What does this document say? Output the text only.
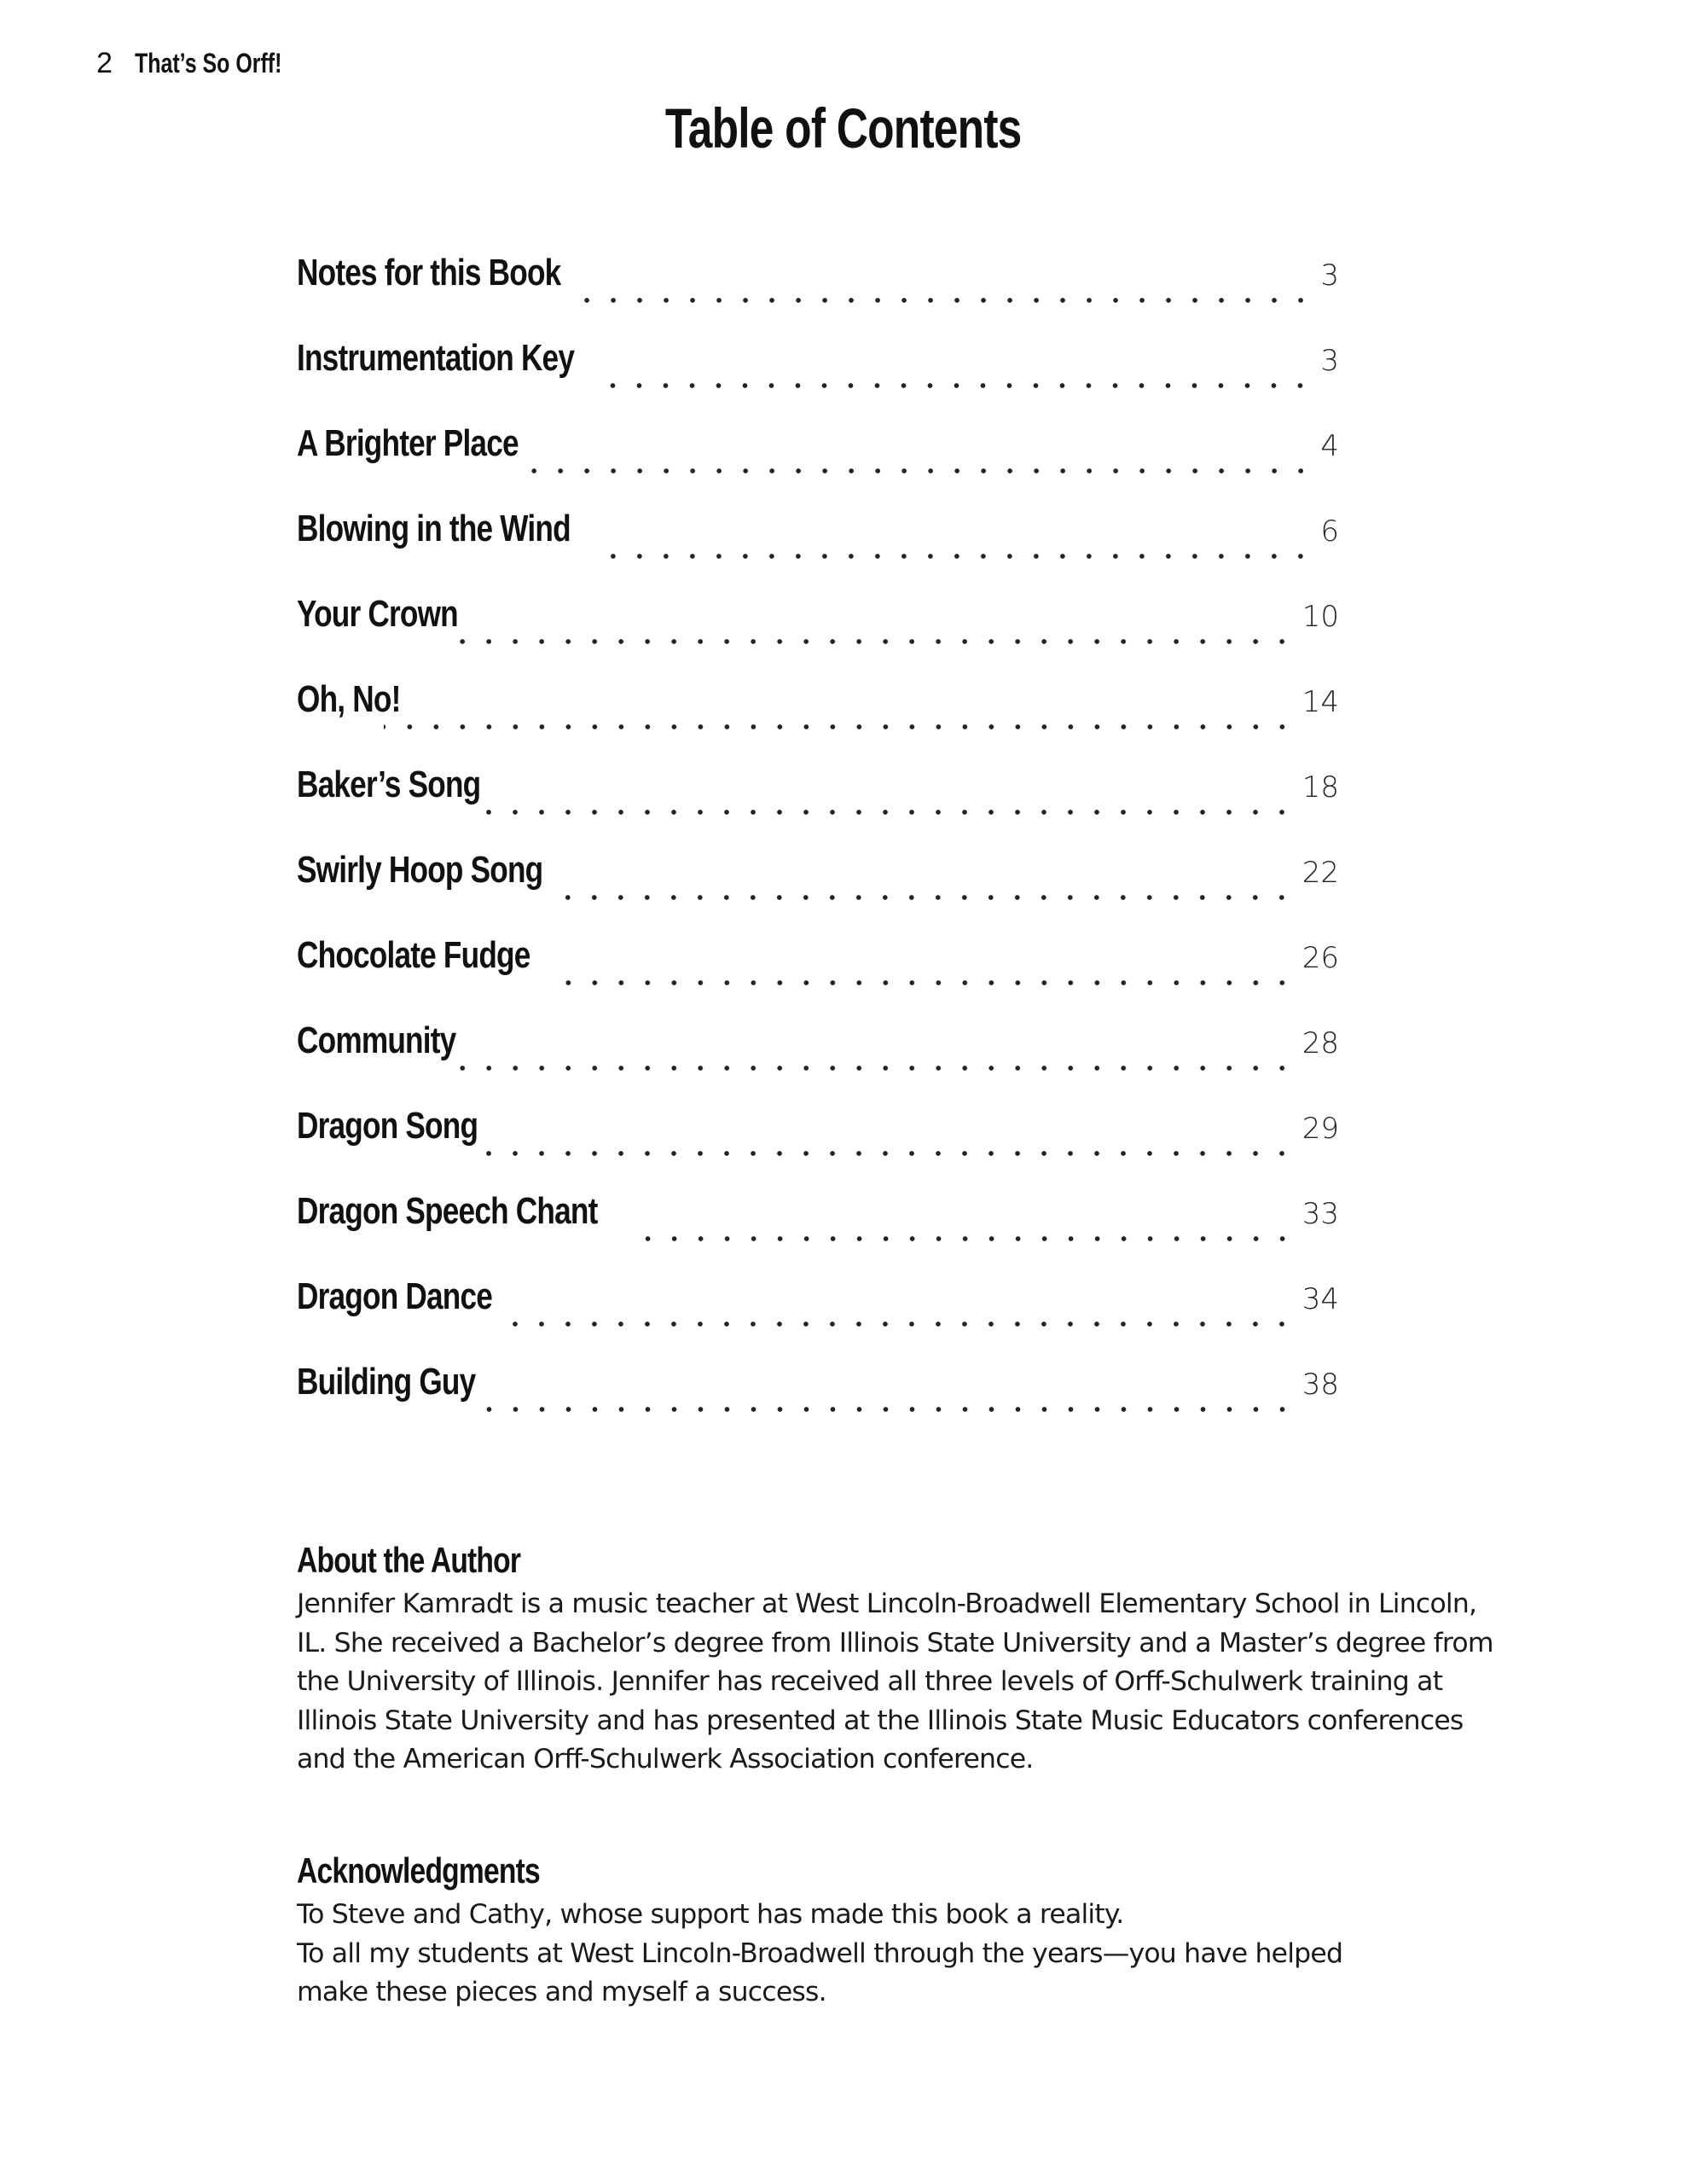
2 That’s So Orff!
Table of Contents
Notes for this Book	3
Instrumentation Key	3
A Brighter Place	4
Blowing in the Wind	6
Your Crown	10
Oh, No!	14
Baker’s Song	18
Swirly Hoop Song	22
Chocolate Fudge	26
Community	28
Dragon Song	29
Dragon Speech Chant	33
Dragon Dance	34
Building Guy	38
About the Author

Jennifer Kamradt is a music teacher at West Lincoln-Broadwell Elementary School in Lincoln,
IL. She received a Bachelor’s degree from Illinois State University and a Master’s degree from
the University of Illinois. Jennifer has received all three levels of Orff-Schulwerk training at
Illinois State University and has presented at the Illinois State Music Educators conferences
and the American Orff-Schulwerk Association conference.

Acknowledgments

To Steve and Cathy, whose support has made this book a reality.
To all my students at West Lincoln-Broadwell through the years—you have helped
make these pieces and myself a success.
